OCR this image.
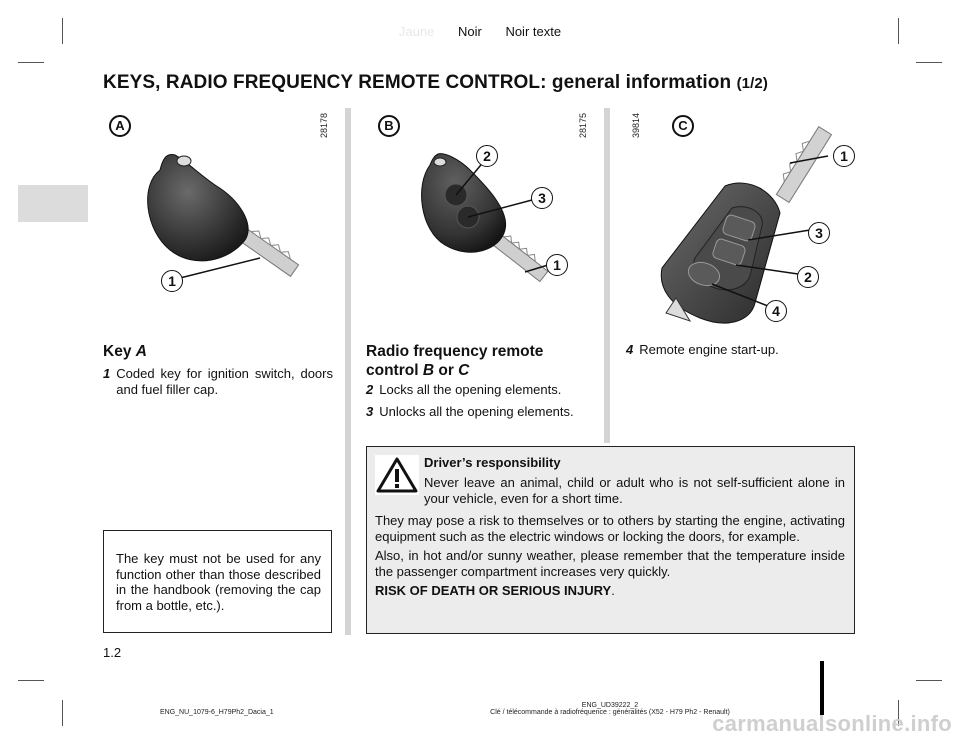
Jaune Noir Noir texte
KEYS, RADIO FREQUENCY REMOTE CONTROL: general information (1/2)
A	28178
1
Key A
1 Coded key for ignition switch, doors and fuel filler cap.
The key must not be used for any function other than those described in the handbook (removing the cap from a bottle, etc.).
B	28175
2
3
1
Radio frequency remote
control B or C
2 Locks all the opening elements.
3 Unlocks all the opening elements.
C
39814
1
3
2
4
4 Remote engine start-up.

Driver’s responsibility

Never leave an animal, child or adult who is not self-sufficient alone in your vehicle, even for a short time.

They may pose a risk to themselves or to others by starting the engine, activating equipment such as the electric windows or locking the doors, for example.

Also, in hot and/or sunny weather, please remember that the temperature inside the passenger compartment increases very quickly.

RISK OF DEATH OR SERIOUS INJURY.

1.2
ENG_NU_1079-6_H79Ph2_Dacia_1
ENG_UD39222_2
Clé / télécommande à radiofréquence : généralités (X52 - H79 Ph2 - Renault)
carmanualsonline.info
